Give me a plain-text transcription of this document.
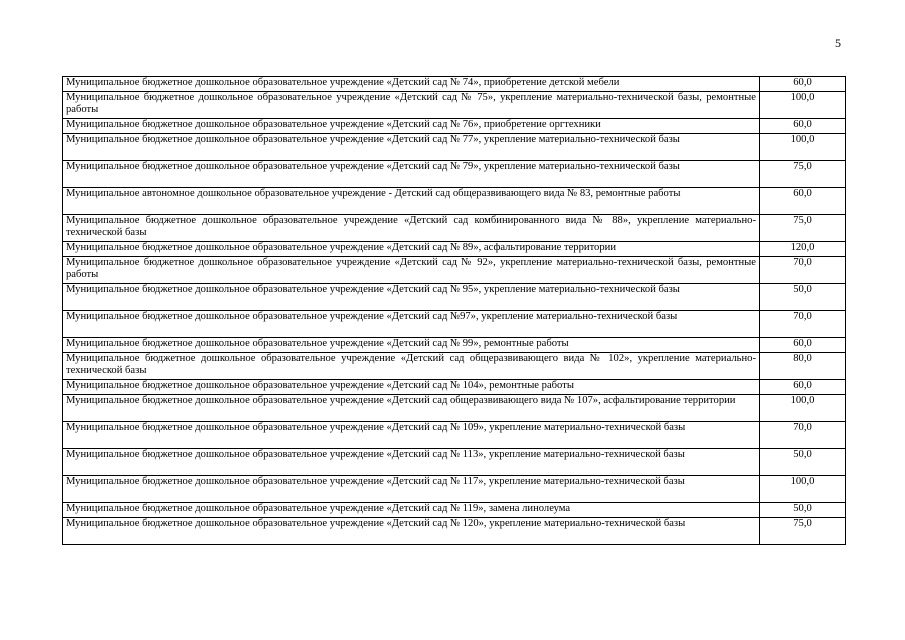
5
Муниципальное бюджетное дошкольное образовательное учреждение «Детский сад № 74», приобретение детской мебели	60,0
Муниципальное бюджетное дошкольное образовательное учреждение «Детский сад № 75», укрепление материально-технической базы, ремонтные работы	100,0
Муниципальное бюджетное дошкольное образовательное учреждение «Детский сад № 76», приобретение оргтехники	60,0
Муниципальное бюджетное дошкольное образовательное учреждение «Детский сад № 77», укрепление материально-технической базы	100,0
Муниципальное бюджетное дошкольное образовательное учреждение «Детский сад № 79», укрепление материально-технической базы	75,0
Муниципальное автономное дошкольное образовательное учреждение - Детский сад общеразвивающего вида № 83, ремонтные работы	60,0
Муниципальное бюджетное дошкольное образовательное учреждение «Детский сад комбинированного вида № 88», укрепление материально-технической базы	75,0
Муниципальное бюджетное дошкольное образовательное учреждение «Детский сад № 89», асфальтирование территории	120,0
Муниципальное бюджетное дошкольное образовательное учреждение «Детский сад № 92», укрепление материально-технической базы, ремонтные работы	70,0
Муниципальное бюджетное дошкольное образовательное учреждение «Детский сад № 95», укрепление материально-технической базы	50,0
Муниципальное бюджетное дошкольное образовательное учреждение «Детский сад №97», укрепление материально-технической базы	70,0
Муниципальное бюджетное дошкольное образовательное учреждение «Детский сад № 99», ремонтные работы	60,0
Муниципальное бюджетное дошкольное образовательное учреждение «Детский сад общеразвивающего вида № 102», укрепление материально-технической базы	80,0
Муниципальное бюджетное дошкольное образовательное учреждение «Детский сад № 104», ремонтные работы	60,0
Муниципальное бюджетное дошкольное образовательное учреждение «Детский сад общеразвивающего вида № 107», асфальтирование территории	100,0
Муниципальное бюджетное дошкольное образовательное учреждение «Детский сад № 109», укрепление материально-технической базы	70,0
Муниципальное бюджетное дошкольное образовательное учреждение «Детский сад № 113», укрепление материально-технической базы	50,0
Муниципальное бюджетное дошкольное образовательное учреждение «Детский сад № 117», укрепление материально-технической базы	100,0
Муниципальное бюджетное дошкольное образовательное учреждение «Детский сад № 119», замена линолеума	50,0
Муниципальное бюджетное дошкольное образовательное учреждение «Детский сад № 120», укрепление материально-технической базы	75,0
